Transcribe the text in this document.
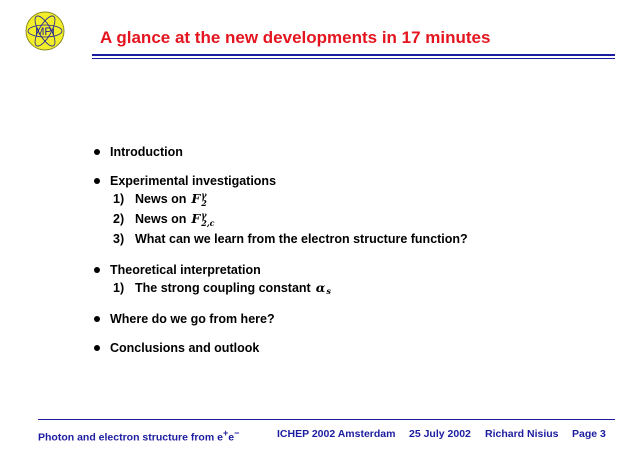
MPI	A glance at the new developments in 17 minutes
Introduction
Experimental investigations
1) News on F γ
2
2) News on F γ
2,c
3) What can we learn from the electron structure function?
Theoretical interpretation
1) The strong coupling constant α s
Where do we go from here?
Conclusions and outlook
Photon and electron structure from e+e−	ICHEP 2002 Amsterdam 25 July 2002 Richard Nisius Page 3
